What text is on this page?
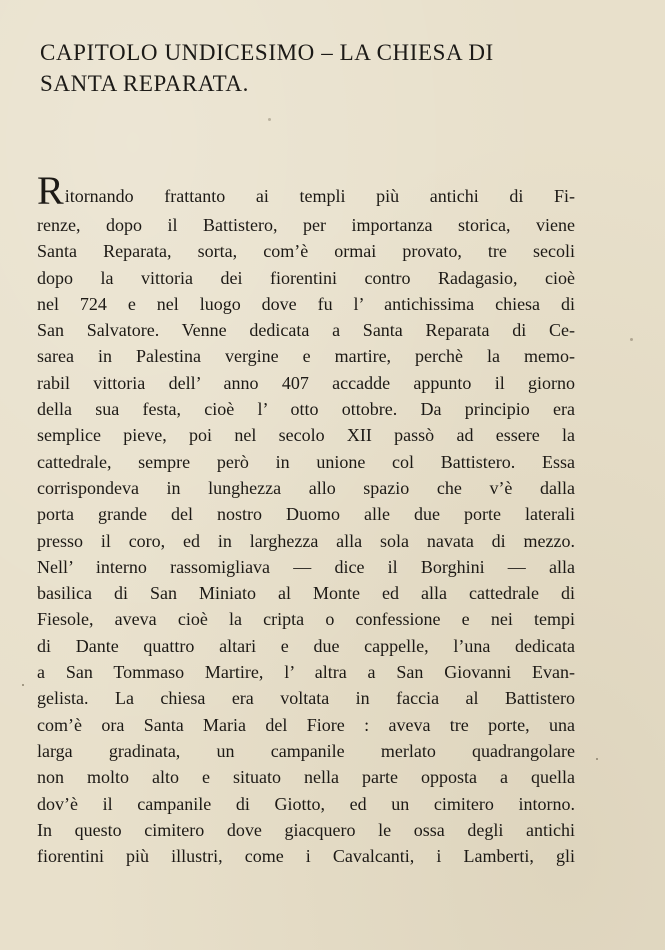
CAPITOLO UNDICESIMO – LA CHIESA DI
SANTA REPARATA.
Ritornando frattanto ai templi più antichi di Fi-
renze, dopo il Battistero, per importanza storica, viene
Santa Reparata, sorta, com’è ormai provato, tre secoli
dopo la vittoria dei fiorentini contro Radagasio, cioè
nel 724 e nel luogo dove fu l’ antichissima chiesa di
San Salvatore. Venne dedicata a Santa Reparata di Ce-
sarea in Palestina vergine e martire, perchè la memo-
rabil vittoria dell’ anno 407 accadde appunto il giorno
della sua festa, cioè l’ otto ottobre. Da principio era
semplice pieve, poi nel secolo XII passò ad essere la
cattedrale, sempre però in unione col Battistero. Essa
corrispondeva in lunghezza allo spazio che v’è dalla
porta grande del nostro Duomo alle due porte laterali
presso il coro, ed in larghezza alla sola navata di mezzo.
Nell’ interno rassomigliava — dice il Borghini — alla
basilica di San Miniato al Monte ed alla cattedrale di
Fiesole, aveva cioè la cripta o confessione e nei tempi
di Dante quattro altari e due cappelle, l’una dedicata
a San Tommaso Martire, l’ altra a San Giovanni Evan-
gelista. La chiesa era voltata in faccia al Battistero
com’è ora Santa Maria del Fiore : aveva tre porte, una
larga gradinata, un campanile merlato quadrangolare
non molto alto e situato nella parte opposta a quella
dov’è il campanile di Giotto, ed un cimitero intorno.
In questo cimitero dove giacquero le ossa degli antichi
fiorentini più illustri, come i Cavalcanti, i Lamberti, gli
